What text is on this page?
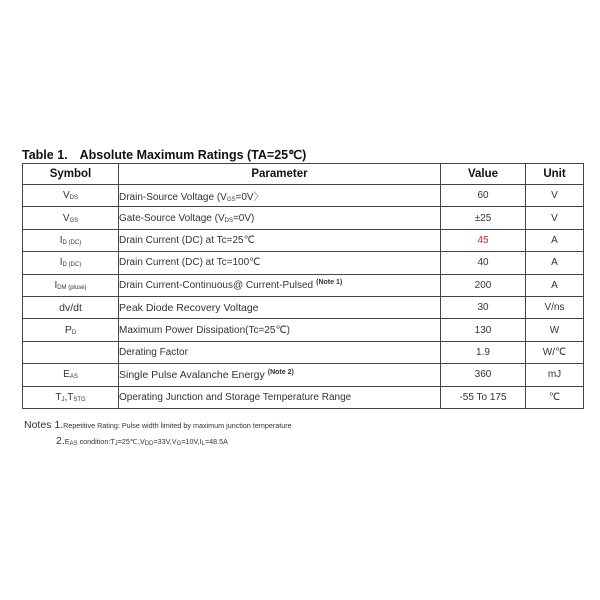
Table 1. Absolute Maximum Ratings (TA=25℃)
Symbol	Parameter	Value	Unit
$V_{DS}$	Drain-Source Voltage ($V_{GS}=0V$〉	60	V
$V_{GS}$	Gate-Source Voltage $(V_{DS}=0V)$	±25	V
$I_{D (DC)}$	Drain Current (DC) at Tc=25℃	45	A
$I_{D (DC)}$	Drain Current (DC) at Tc=100℃	40	A
$I_{DM (pluse)}$	Drain Current-Continuous@ Current-Pulsed $^{(Note 1)}$	200	A
dv/dt	Peak Diode Recovery Voltage	30	V/ns
$P_D$	Maximum Power Dissipation(Tc=25℃)	130	W
	Derating Factor	1.9	W/℃
$E_{AS}$	Single Pulse Avalanche Energy $^{(Note 2)}$	360	mJ
$T_J,T_{STG}$	Operating Junction and Storage Temperature Range	-55 To 175	℃
Notes 1.Repetitive Rating: Pulse width limited by maximum junction temperature
$2.E_{AS}$ $condition:T_J=25℃,V_{DD}=33V,V_G=10V,I_L=48.5A$
